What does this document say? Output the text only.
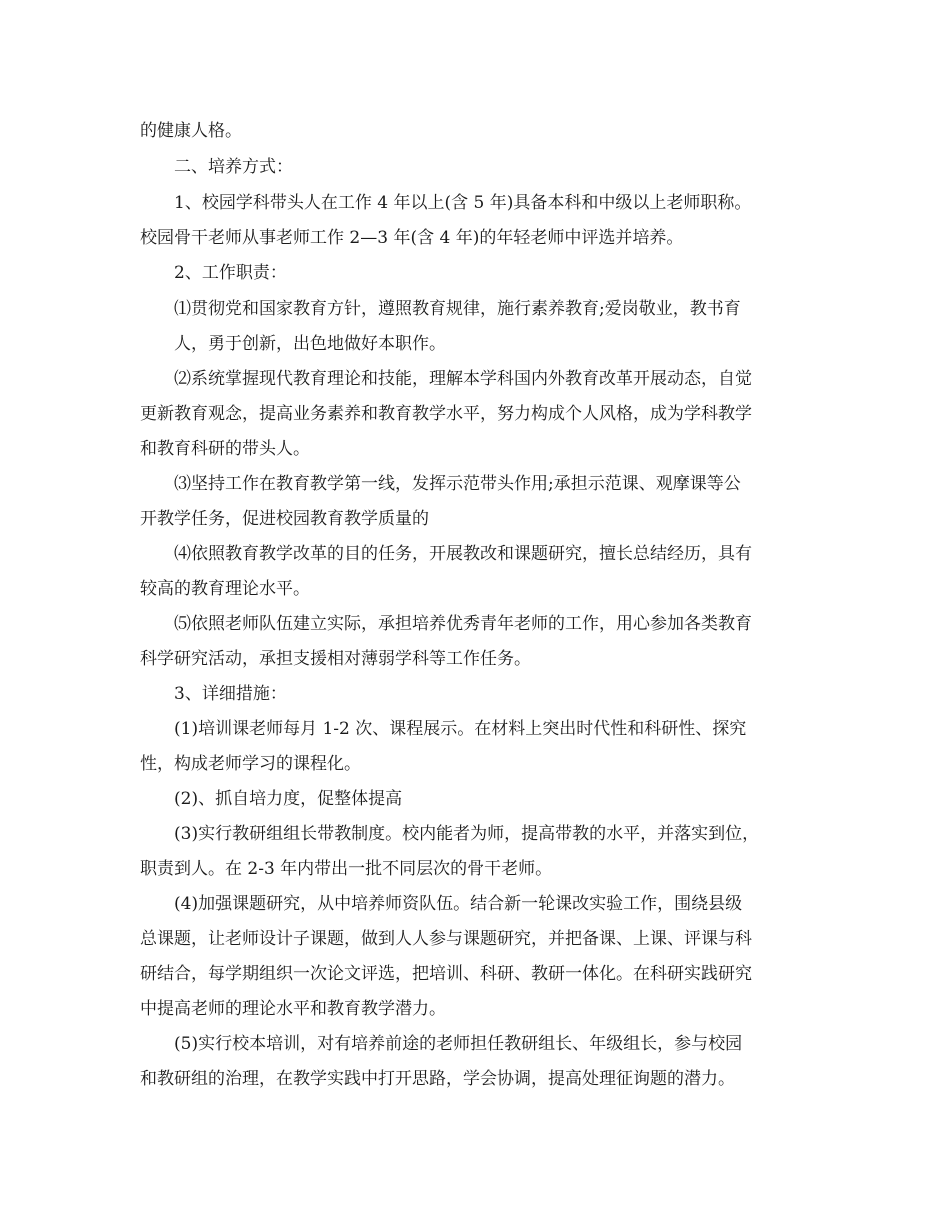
的健康人格。
二、培养方式：
1、校园学科带头人在工作 4 年以上(含 5 年)具备本科和中级以上老师职称。
校园骨干老师从事老师工作 2—3 年(含 4 年)的年轻老师中评选并培养。
2、工作职责：
⑴贯彻党和国家教育方针，遵照教育规律，施行素养教育;爱岗敬业，教书育
人，勇于创新，出色地做好本职作。
⑵系统掌握现代教育理论和技能，理解本学科国内外教育改革开展动态，自觉
更新教育观念，提高业务素养和教育教学水平，努力构成个人风格，成为学科教学
和教育科研的带头人。
⑶坚持工作在教育教学第一线，发挥示范带头作用;承担示范课、观摩课等公
开教学任务，促进校园教育教学质量的
⑷依照教育教学改革的目的任务，开展教改和课题研究，擅长总结经历，具有
较高的教育理论水平。
⑸依照老师队伍建立实际，承担培养优秀青年老师的工作，用心参加各类教育
科学研究活动，承担支援相对薄弱学科等工作任务。
3、详细措施：
(1)培训课老师每月 1-2 次、课程展示。在材料上突出时代性和科研性、探究
性，构成老师学习的课程化。
(2)、抓自培力度，促整体提高
(3)实行教研组组长带教制度。校内能者为师，提高带教的水平，并落实到位，
职责到人。在 2-3 年内带出一批不同层次的骨干老师。
(4)加强课题研究，从中培养师资队伍。结合新一轮课改实验工作，围绕县级
总课题，让老师设计子课题，做到人人参与课题研究，并把备课、上课、评课与科
研结合，每学期组织一次论文评选，把培训、科研、教研一体化。在科研实践研究
中提高老师的理论水平和教育教学潜力。
(5)实行校本培训，对有培养前途的老师担任教研组长、年级组长，参与校园
和教研组的治理，在教学实践中打开思路，学会协调，提高处理征询题的潜力。
